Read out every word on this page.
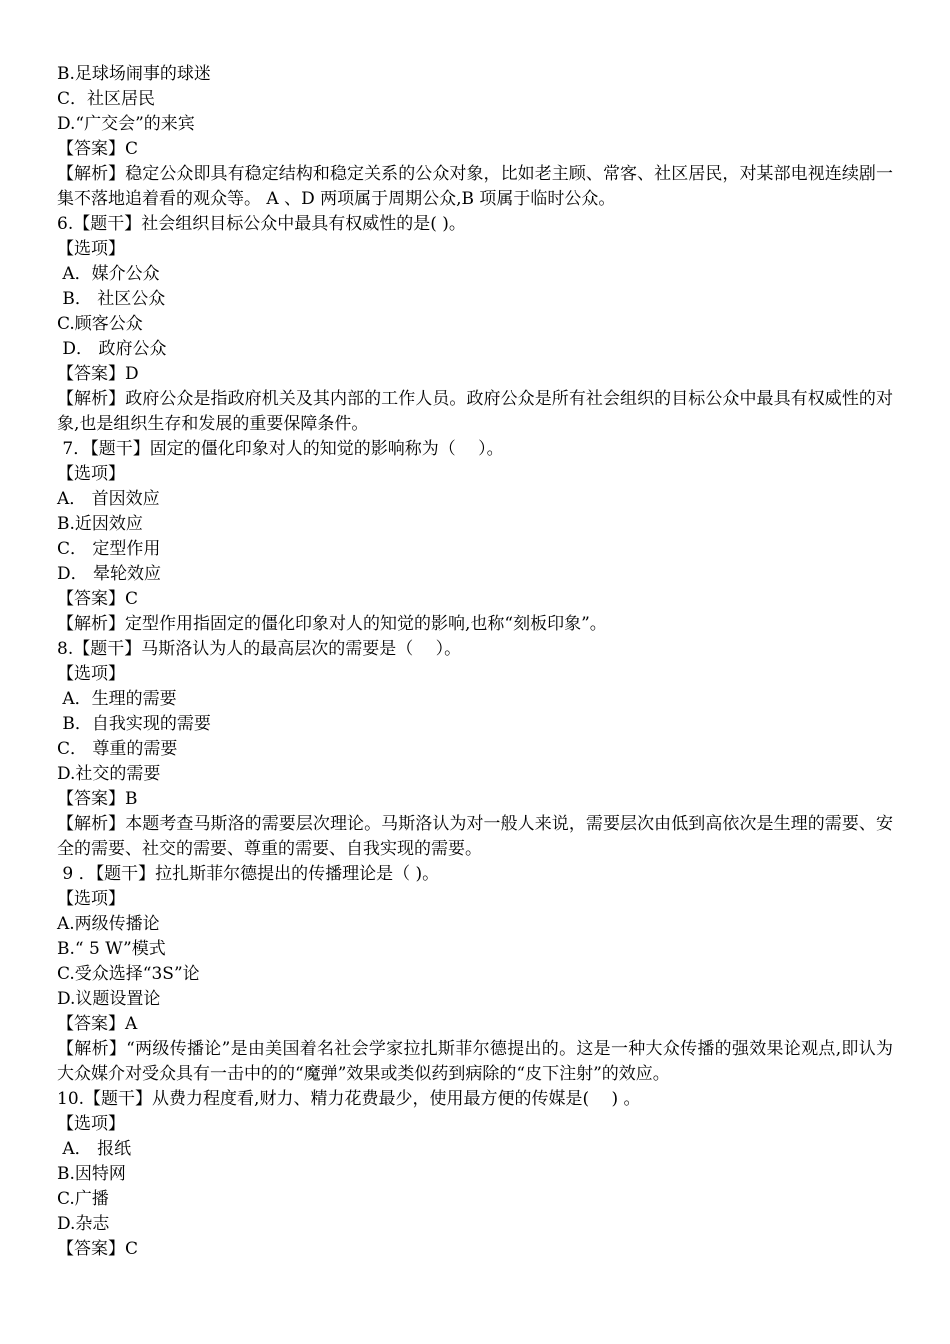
B.足球场闹事的球迷

C．社区居民

D.“广交会”的来宾

【答案】C

【解析】稳定公众即具有稳定结构和稳定关系的公众对象，比如老主顾、常客、社区居民，对某部电视连续剧一集不落地追着看的观众等。 A 、D 两项属于周期公众,B 项属于临时公众。

6.【题干】社会组织目标公众中最具有权威性的是( )。

【选项】

A．媒介公众

B． 社区公众

C.顾客公众

D． 政府公众

【答案】D

【解析】政府公众是指政府机关及其内部的工作人员。政府公众是所有社会组织的目标公众中最具有权威性的对象,也是组织生存和发展的重要保障条件。

7．【题干】固定的僵化印象对人的知觉的影响称为（　 ）。

【选项】

A． 首因效应

B.近因效应

C． 定型作用

D． 晕轮效应

【答案】C

【解析】定型作用指固定的僵化印象对人的知觉的影响,也称“刻板印象”。

8.【题干】马斯洛认为人的最高层次的需要是（　 ）。

【选项】

A．生理的需要

B．自我实现的需要

C． 尊重的需要

D.社交的需要

【答案】B

【解析】本题考查马斯洛的需要层次理论。马斯洛认为对一般人来说，需要层次由低到高依次是生理的需要、安全的需要、社交的需要、尊重的需要、自我实现的需要。

9 ．【题干】拉扎斯菲尔德提出的传播理论是（ )。

【选项】

A.两级传播论

B.“ 5 W”模式

C.受众选择“3S”论

D.议题设置论

【答案】A

【解析】“两级传播论”是由美国着名社会学家拉扎斯菲尔德提出的。这是一种大众传播的强效果论观点,即认为大众媒介对受众具有一击中的的“魔弹”效果或类似药到病除的“皮下注射”的效应。

10.【题干】从费力程度看,财力、精力花费最少，使用最方便的传媒是(　 ) 。

【选项】

A． 报纸

B.因特网

C.广播

D.杂志

【答案】C
